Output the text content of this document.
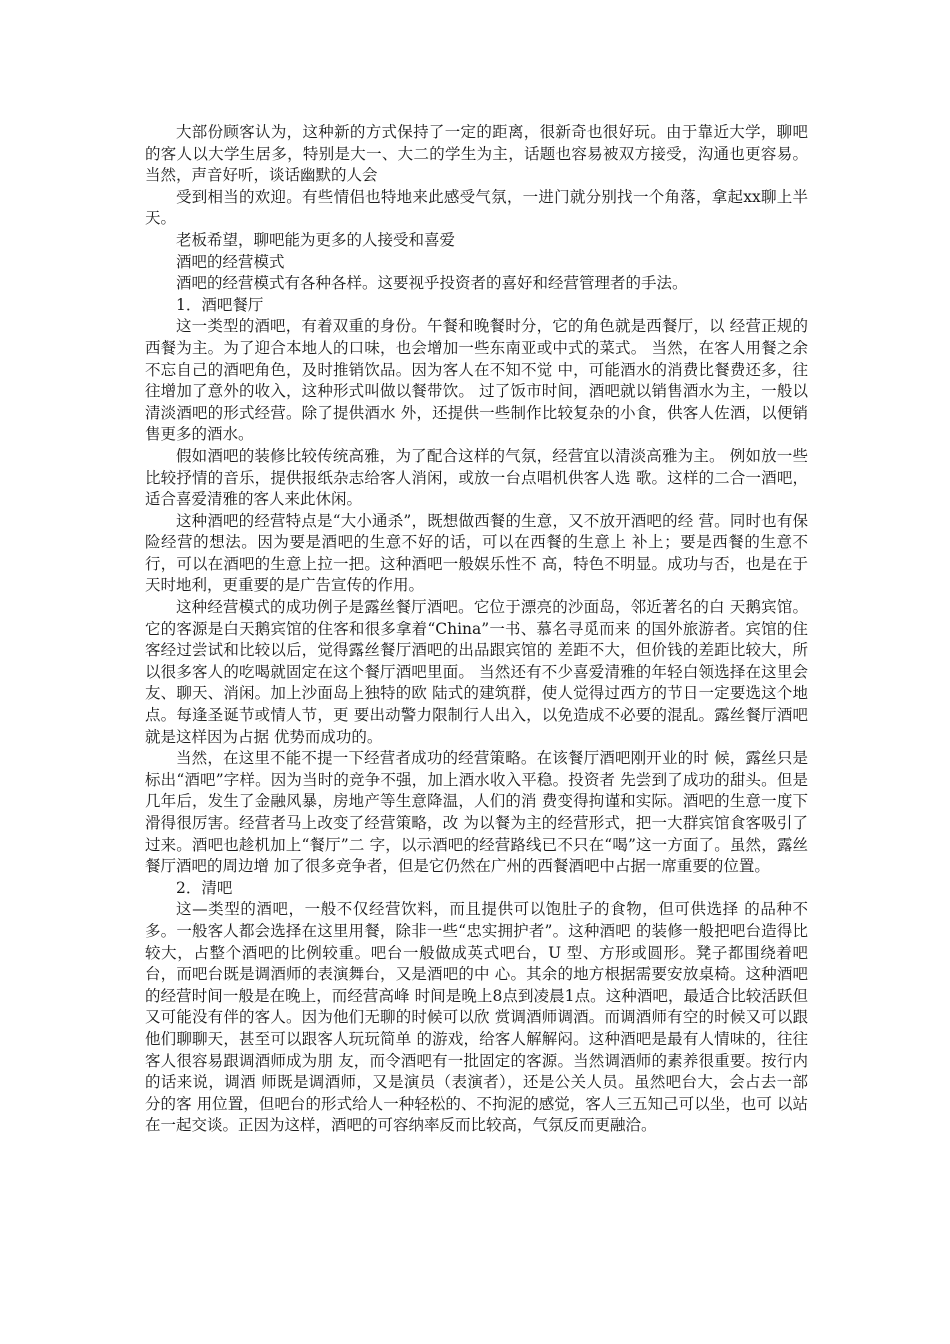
大部份顾客认为，这种新的方式保持了一定的距离，很新奇也很好玩。由于靠近大学，聊吧的客人以大学生居多，特别是大一、大二的学生为主，话题也容易被双方接受，沟通也更容易。当然，声音好听，谈话幽默的人会

受到相当的欢迎。有些情侣也特地来此感受气氛，一进门就分别找一个角落，拿起xx聊上半天。

老板希望，聊吧能为更多的人接受和喜爱

酒吧的经营模式

酒吧的经营模式有各种各样。这要视乎投资者的喜好和经营管理者的手法。

1．酒吧餐厅

这一类型的酒吧，有着双重的身份。午餐和晚餐时分，它的角色就是西餐厅，以 经营正规的西餐为主。为了迎合本地人的口味，也会增加一些东南亚或中式的菜式。 当然，在客人用餐之余不忘自己的酒吧角色，及时推销饮品。因为客人在不知不觉 中，可能酒水的消费比餐费还多，往往增加了意外的收入，这种形式叫做以餐带饮。 过了饭市时间，酒吧就以销售酒水为主，一般以清淡酒吧的形式经营。除了提供酒水 外，还提供一些制作比较复杂的小食，供客人佐酒，以便销售更多的酒水。

假如酒吧的装修比较传统高雅，为了配合这样的气氛，经营宜以清淡高雅为主。 例如放一些比较抒情的音乐，提供报纸杂志给客人消闲，或放一台点唱机供客人选 歌。这样的二合一酒吧，适合喜爱清雅的客人来此休闲。

这种酒吧的经营特点是“大小通杀”，既想做西餐的生意，又不放开酒吧的经 营。同时也有保险经营的想法。因为要是酒吧的生意不好的话，可以在西餐的生意上 补上；要是西餐的生意不行，可以在酒吧的生意上拉一把。这种酒吧一般娱乐性不 高，特色不明显。成功与否，也是在于天时地利，更重要的是广告宣传的作用。

这种经营模式的成功例子是露丝餐厅酒吧。它位于漂亮的沙面岛，邻近著名的白 天鹅宾馆。它的客源是白天鹅宾馆的住客和很多拿着“China”一书、慕名寻觅而来 的国外旅游者。宾馆的住客经过尝试和比较以后，觉得露丝餐厅酒吧的出品跟宾馆的 差距不大，但价钱的差距比较大，所以很多客人的吃喝就固定在这个餐厅酒吧里面。 当然还有不少喜爱清雅的年轻白领选择在这里会友、聊天、消闲。加上沙面岛上独特的欧 陆式的建筑群，使人觉得过西方的节日一定要选这个地点。每逢圣诞节或情人节，更 要出动警力限制行人出入，以免造成不必要的混乱。露丝餐厅酒吧就是这样因为占据 优势而成功的。

当然，在这里不能不提一下经营者成功的经营策略。在该餐厅酒吧刚开业的时 候，露丝只是标出“酒吧”字样。因为当时的竞争不强，加上酒水收入平稳。投资者 先尝到了成功的甜头。但是几年后，发生了金融风暴，房地产等生意降温，人们的消 费变得拘谨和实际。酒吧的生意一度下滑得很厉害。经营者马上改变了经营策略，改 为以餐为主的经营形式，把一大群宾馆食客吸引了过来。酒吧也趁机加上“餐厅”二 字，以示酒吧的经营路线已不只在“喝”这一方面了。虽然，露丝餐厅酒吧的周边增 加了很多竞争者，但是它仍然在广州的西餐酒吧中占据一席重要的位置。

2．清吧

这—类型的酒吧，一般不仅经营饮料，而且提供可以饱肚子的食物，但可供选择 的品种不多。一般客人都会选择在这里用餐，除非一些“忠实拥护者”。这种酒吧 的装修一般把吧台造得比较大，占整个酒吧的比例较重。吧台一般做成英式吧台，U 型、方形或圆形。凳子都围绕着吧台，而吧台既是调酒师的表演舞台，又是酒吧的中 心。其余的地方根据需要安放桌椅。这种酒吧的经营时间一般是在晚上，而经营高峰 时间是晚上8点到凌晨1点。这种酒吧，最适合比较活跃但又可能没有伴的客人。因为他们无聊的时候可以欣 赏调酒师调酒。而调酒师有空的时候又可以跟他们聊聊天，甚至可以跟客人玩玩简单 的游戏，给客人解解闷。这种酒吧是最有人情味的，往往客人很容易跟调酒师成为朋 友，而令酒吧有一批固定的客源。当然调酒师的素养很重要。按行内的话来说，调酒 师既是调酒师，又是演员（表演者），还是公关人员。虽然吧台大，会占去一部分的客 用位置，但吧台的形式给人一种轻松的、不拘泥的感觉，客人三五知己可以坐，也可 以站在一起交谈。正因为这样，酒吧的可容纳率反而比较高，气氛反而更融洽。
